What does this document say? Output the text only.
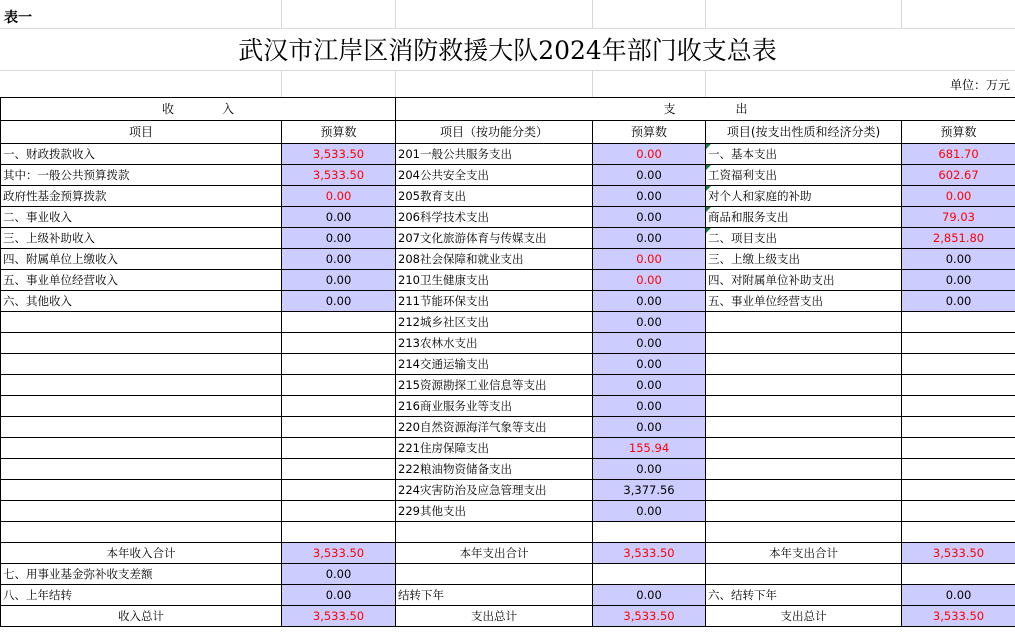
表一
武汉市江岸区消防救援大队2024年部门收支总表
单位：万元
收　　　　入		支　　　　　出			
项目	预算数	项目（按功能分类）	预算数	项目(按支出性质和经济分类)	预算数
一、财政拨款收入	3,533.50	201一般公共服务支出	0.00	一、基本支出	681.70
其中：一般公共预算拨款	3,533.50	204公共安全支出	0.00	工资福利支出	602.67
政府性基金预算拨款	0.00	205教育支出	0.00	对个人和家庭的补助	0.00
二、事业收入	0.00	206科学技术支出	0.00	商品和服务支出	79.03
三、上级补助收入	0.00	207文化旅游体育与传媒支出	0.00	二、项目支出	2,851.80
四、附属单位上缴收入	0.00	208社会保障和就业支出	0.00	三、上缴上级支出	0.00
五、事业单位经营收入	0.00	210卫生健康支出	0.00	四、对附属单位补助支出	0.00
六、其他收入	0.00	211节能环保支出	0.00	五、事业单位经营支出	0.00
		212城乡社区支出	0.00		
		213农林水支出	0.00		
		214交通运输支出	0.00		
		215资源勘探工业信息等支出	0.00		
		216商业服务业等支出	0.00		
		220自然资源海洋气象等支出	0.00		
		221住房保障支出	155.94		
		222粮油物资储备支出	0.00		
		224灾害防治及应急管理支出	3,377.56		
		229其他支出	0.00		

本年收入合计	3,533.50	本年支出合计	3,533.50	本年支出合计	3,533.50
七、用事业基金弥补收支差额	0.00				
八、上年结转	0.00	结转下年	0.00	六、结转下年	0.00
收入总计	3,533.50	支出总计	3,533.50	支出总计	3,533.50
